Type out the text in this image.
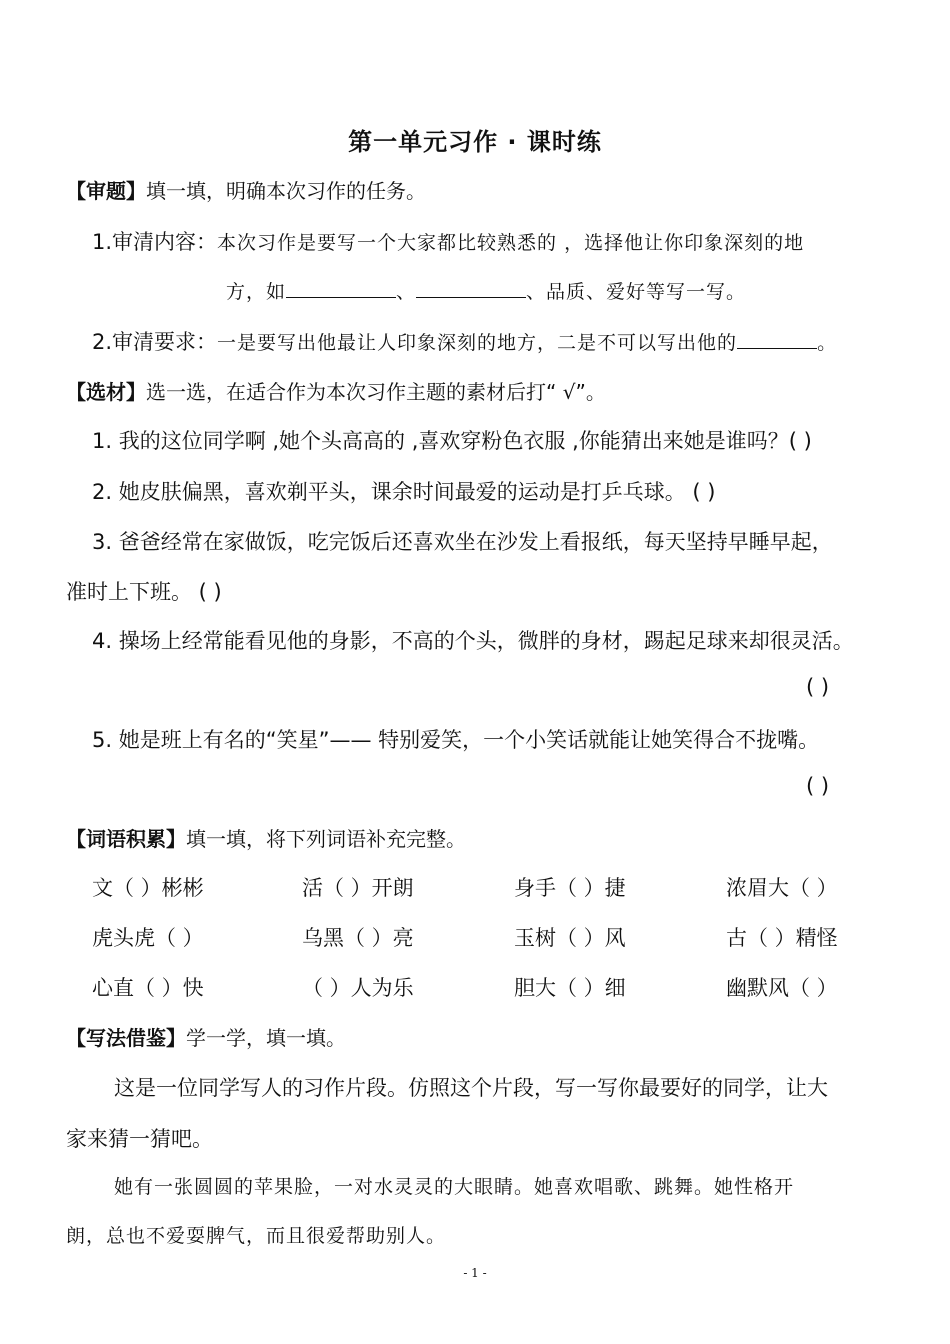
第一单元习作 · 课时练
【审题】填一填，明确本次习作的任务。
1.审清内容：本次习作是要写一个大家都比较熟悉的 ，选择他让你印象深刻的地
方，如	、	、品质、爱好等写一写。
2.审清要求：一是要写出他最让人印象深刻的地方，二是不可以写出他的	。
【选材】选一选，在适合作为本次习作主题的素材后打“ √”。
1. 我的这位同学啊 ,她个头高高的 ,喜欢穿粉色衣服 ,你能猜出来她是谁吗？( )
2. 她皮肤偏黑，喜欢剃平头，课余时间最爱的运动是打乒乓球。 ( )
3. 爸爸经常在家做饭，吃完饭后还喜欢坐在沙发上看报纸，每天坚持早睡早起，
准时上下班。 ( )
4. 操场上经常能看见他的身影，不高的个头，微胖的身材，踢起足球来却很灵活。
( )
5. 她是班上有名的“笑星”—— 特别爱笑，一个小笑话就能让她笑得合不拢嘴。
( )
【词语积累】填一填，将下列词语补充完整。
文（ ）彬彬	活（ ）开朗	身手（ ）捷	浓眉大（ ）
虎头虎（ ）	乌黑（ ）亮	玉树（ ）风	古（ ）精怪
心直（ ）快	（ ）人为乐	胆大（ ）细	幽默风（ ）
【写法借鉴】学一学，填一填。
这是一位同学写人的习作片段。仿照这个片段，写一写你最要好的同学，让大
家来猜一猜吧。
她有一张圆圆的苹果脸，一对水灵灵的大眼睛。她喜欢唱歌、跳舞。她性格开
朗，总也不爱耍脾气，而且很爱帮助别人。
- 1 -
